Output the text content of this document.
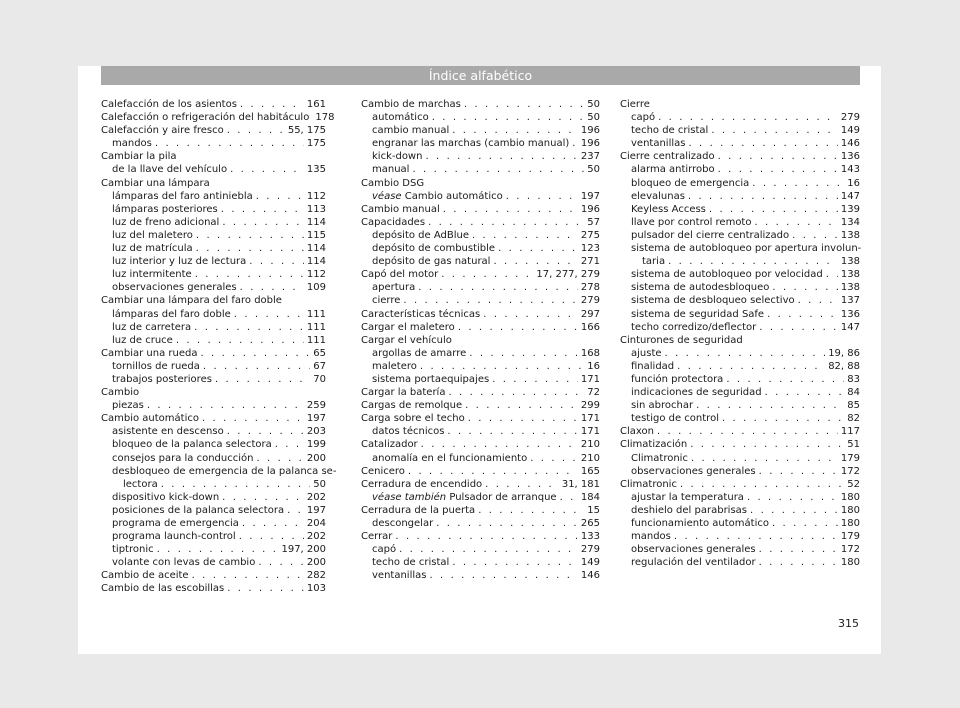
Índice alfabético
Calefacción de los asientos . . .	161
Calefacción o refrigeración del habitáculo 178
Calefacción y aire fresco . . .	55, 175
mandos . . .	175
Cambiar la pila
de la llave del vehículo . . .	135
Cambiar una lámpara
lámparas del faro antiniebla . . .	112
lámparas posteriores . . .	113
luz de freno adicional . . .	114
luz del maletero . . .	115
luz de matrícula . . .	114
luz interior y luz de lectura . . .	114
luz intermitente . . .	112
observaciones generales . . .	109
Cambiar una lámpara del faro doble
lámparas del faro doble . . .	111
luz de carretera . . .	111
luz de cruce . . .	111
Cambiar una rueda . . .	65
tornillos de rueda . . .	67
trabajos posteriores . . .	70
Cambio
piezas . . .	259
Cambio automático . . .	197
asistente en descenso . . .	203
bloqueo de la palanca selectora . . .	199
consejos para la conducción . . .	200
desbloqueo de emergencia de la palanca se-
lectora . . .	50
dispositivo kick-down . . .	202
posiciones de la palanca selectora . . . 197
programa de emergencia . . .	204
programa launch-control . . .	202
tiptronic . . .	197, 200
volante con levas de cambio . . .	200
Cambio de aceite . . .	282
Cambio de las escobillas . . .	103
Cambio de marchas . . .	50
automático . . .	50
cambio manual . . .	196
engranar las marchas (cambio manual) . . . 196
kick-down . . .	237
manual . . .	50
Cambio DSG
véase Cambio automático . . .	197
Cambio manual . . .	196
Capacidades . . .	57
depósito de AdBlue . . .	275
depósito de combustible . . .	123
depósito de gas natural . . .	271
Capó del motor . . .	17, 277, 279
apertura . . .	278
cierre . . .	279
Características técnicas . . .	297
Cargar el maletero . . .	166
Cargar el vehículo
argollas de amarre . . .	168
maletero . . .	16
sistema portaequipajes . . .	171
Cargar la batería . . .	72
Cargas de remolque . . .	299
Carga sobre el techo . . .	171
datos técnicos . . .	171
Catalizador . . .	210
anomalía en el funcionamiento . . .	210
Cenicero . . .	165
Cerradura de encendido . . .	31, 181
véase también Pulsador de arranque . . . 184
Cerradura de la puerta . . .	15
descongelar . . .	265
Cerrar . . .	133
capó . . .	279
techo de cristal . . .	149
ventanillas . . .	146
Cierre
capó . . .	279
techo de cristal . . .	149
ventanillas . . .	146
Cierre centralizado . . .	136
alarma antirrobo . . .	143
bloqueo de emergencia . . .	16
elevalunas . . .	147
Keyless Access . . .	139
llave por control remoto . . .	134
pulsador del cierre centralizado . . .	138
sistema de autobloqueo por apertura involun-
taria . . .	138
sistema de autobloqueo por velocidad . . . 138
sistema de autodesbloqueo . . .	138
sistema de desbloqueo selectivo . . .	137
sistema de seguridad Safe . . .	136
techo corredizo/deflector . . .	147
Cinturones de seguridad
ajuste . . .	19, 86
finalidad . . .	82, 88
función protectora . . .	83
indicaciones de seguridad . . .	84
sin abrochar . . .	85
testigo de control . . .	82
Claxon . . .	117
Climatización . . .	51
Climatronic . . .	179
observaciones generales . . .	172
Climatronic . . .	52
ajustar la temperatura . . .	180
deshielo del parabrisas . . .	180
funcionamiento automático . . .	180
mandos . . .	179
observaciones generales . . .	172
regulación del ventilador . . .	180
315
